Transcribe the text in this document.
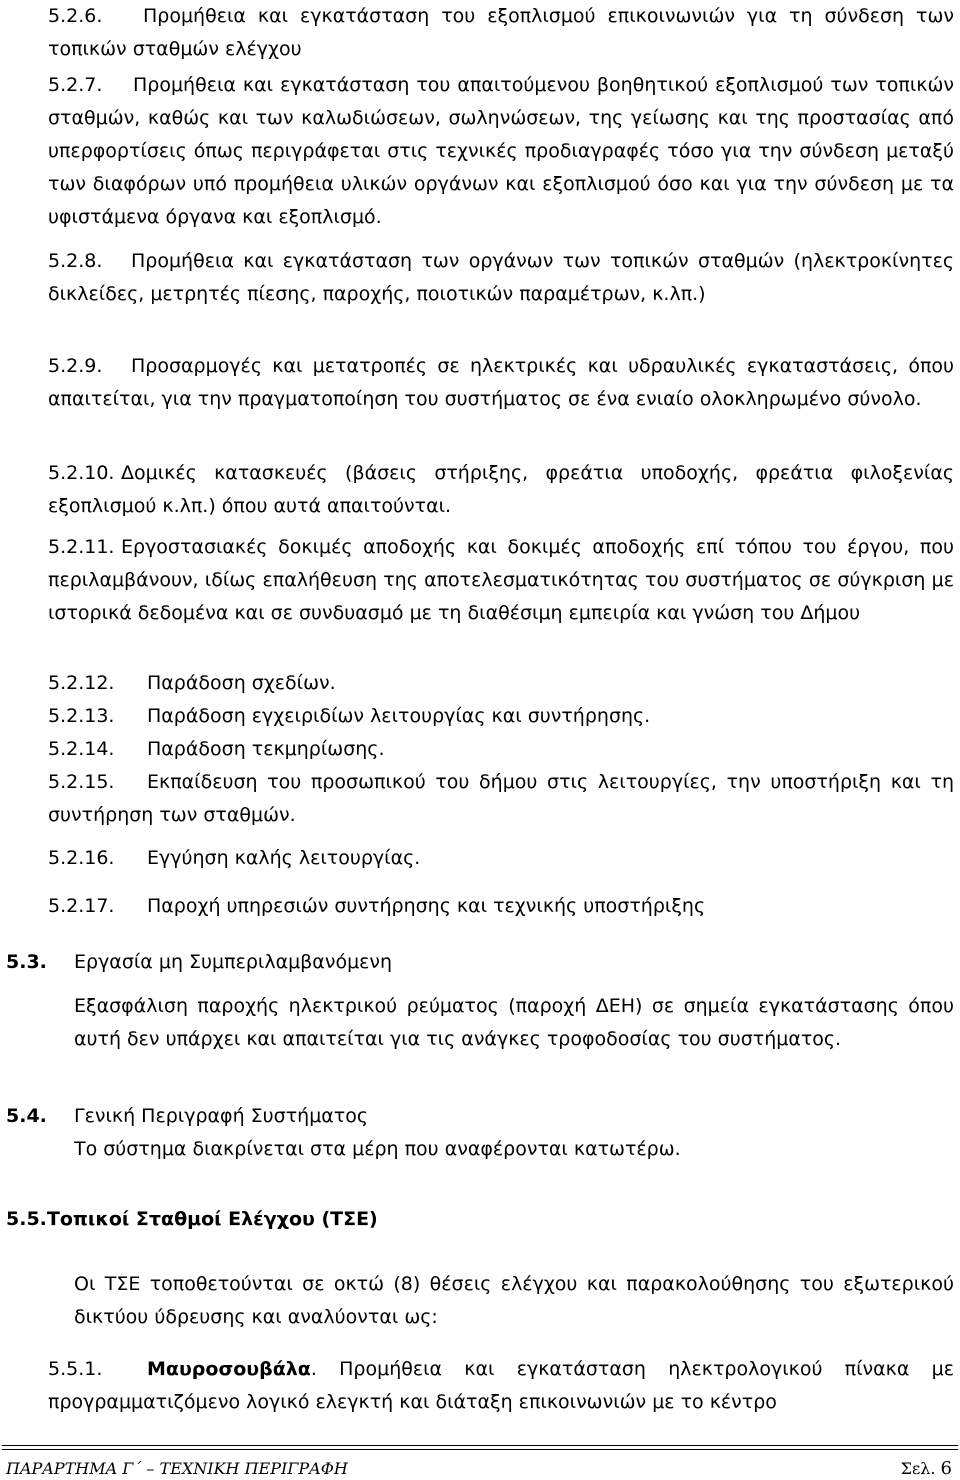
5.2.6. Προμήθεια και εγκατάσταση του εξοπλισμού επικοινωνιών για τη σύνδεση των τοπικών σταθμών ελέγχου
5.2.7. Προμήθεια και εγκατάσταση του απαιτούμενου βοηθητικού εξοπλισμού των τοπικών σταθμών, καθώς και των καλωδιώσεων, σωληνώσεων, της γείωσης και της προστασίας από υπερφορτίσεις όπως περιγράφεται στις τεχνικές προδιαγραφές τόσο για την σύνδεση μεταξύ των διαφόρων υπό προμήθεια υλικών οργάνων και εξοπλισμού όσο και για την σύνδεση με τα υφιστάμενα όργανα και εξοπλισμό.
5.2.8. Προμήθεια και εγκατάσταση των οργάνων των τοπικών σταθμών (ηλεκτροκίνητες δικλείδες, μετρητές πίεσης, παροχής, ποιοτικών παραμέτρων, κ.λπ.)
5.2.9. Προσαρμογές και μετατροπές σε ηλεκτρικές και υδραυλικές εγκαταστάσεις, όπου απαιτείται, για την πραγματοποίηση του συστήματος σε ένα ενιαίο ολοκληρωμένο σύνολο.
5.2.10. Δομικές κατασκευές (βάσεις στήριξης, φρεάτια υποδοχής, φρεάτια φιλοξενίας εξοπλισμού κ.λπ.) όπου αυτά απαιτούνται.
5.2.11. Εργοστασιακές δοκιμές αποδοχής και δοκιμές αποδοχής επί τόπου του έργου, που περιλαμβάνουν, ιδίως επαλήθευση της αποτελεσματικότητας του συστήματος σε σύγκριση με ιστορικά δεδομένα και σε συνδυασμό με τη διαθέσιμη εμπειρία και γνώση του Δήμου
5.2.12. Παράδοση σχεδίων.
5.2.13. Παράδοση εγχειριδίων λειτουργίας και συντήρησης.
5.2.14. Παράδοση τεκμηρίωσης.
5.2.15. Εκπαίδευση του προσωπικού του δήμου στις λειτουργίες, την υποστήριξη και τη συντήρηση των σταθμών.
5.2.16. Εγγύηση καλής λειτουργίας.
5.2.17. Παροχή υπηρεσιών συντήρησης και τεχνικής υποστήριξης
5.3. Εργασία μη Συμπεριλαμβανόμενη
Εξασφάλιση παροχής ηλεκτρικού ρεύματος (παροχή ΔΕΗ) σε σημεία εγκατάστασης όπου αυτή δεν υπάρχει και απαιτείται για τις ανάγκες τροφοδοσίας του συστήματος.
5.4. Γενική Περιγραφή Συστήματος
Το σύστημα διακρίνεται στα μέρη που αναφέρονται κατωτέρω.
5.5.Τοπικοί Σταθμοί Ελέγχου (ΤΣΕ)
Οι ΤΣΕ τοποθετούνται σε οκτώ (8) θέσεις ελέγχου και παρακολούθησης του εξωτερικού δικτύου ύδρευσης και αναλύονται ως:
5.5.1. Μαυροσουβάλα. Προμήθεια και εγκατάσταση ηλεκτρολογικού πίνακα με προγραμματιζόμενο λογικό ελεγκτή και διάταξη επικοινωνιών με το κέντρο
ΠΑΡΑΡΤΗΜΑ Γ΄ – ΤΕΧΝΙΚΗ ΠΕΡΙΓΡΑΦΗ	Σελ. 6
